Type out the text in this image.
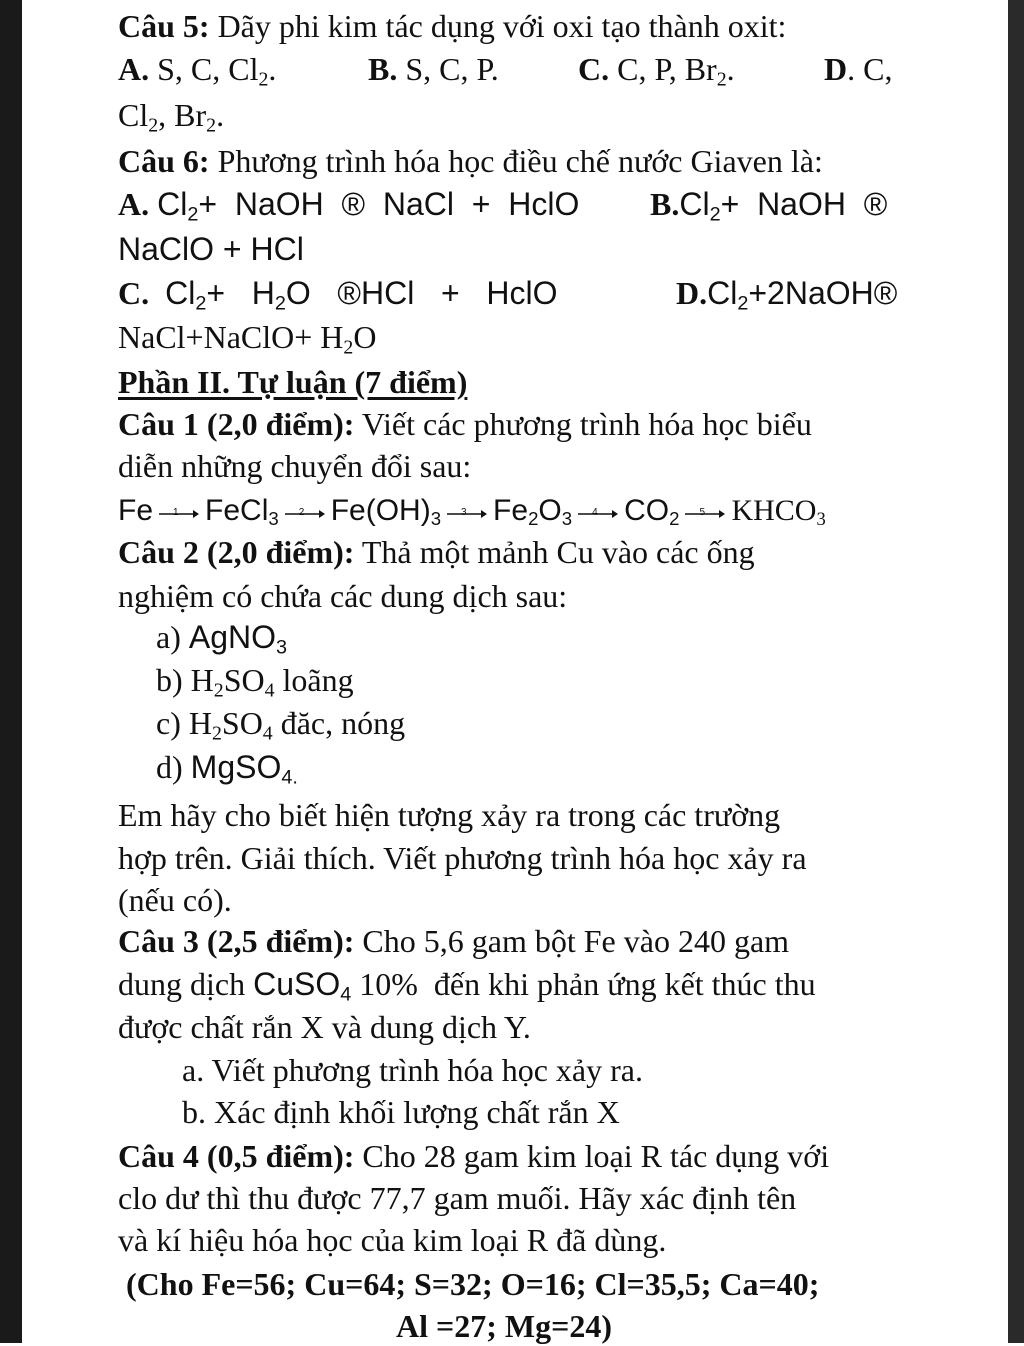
Câu 5: Dãy phi kim tác dụng với oxi tạo thành oxit:
A. S, C, $Cl_2$.	B. S, C, P. C. C, P, $Br_2$.	D. C,
$Cl_2$, $Br_2$.
Câu 6: Phương trình hóa học điều chế nước Giaven là:
A. $Cl_2+$  NaOH  ®  NaCl  +  HclO $B.Cl_2+$  NaOH  ®
NaClO + HCl
C. $Cl_2+ H_2O$   ®HCl   +   HclO	$D.Cl_2+2NaOH®$
NaCl+NaClO+ $H_2O$
Phần II. Tự luận (7 điểm)
Câu 1 (2,0 điểm): Viết các phương trình hóa học biểu
diễn những chuyển đổi sau:
Fe 1 FeCl$_3$ 2 $Fe(OH)_3$ 3 $Fe_2O_3$ 4 $CO_2$ 5 $KHCO_3$
Câu 2 (2,0 điểm): Thả một mảnh Cu vào các ống
nghiệm có chứa các dung dịch sau:
a) AgNO$_3$
b) $H_2SO_4$ loãng
c) $H_2SO_4$ đăc, nóng
d) MgSO$_{4.}$
Em hãy cho biết hiện tượng xảy ra trong các trường
hợp trên. Giải thích. Viết phương trình hóa học xảy ra
(nếu có).
Câu 3 (2,5 điểm): Cho 5,6 gam bột Fe vào 240 gam
dung dịch CuSO$_4$ 10%  đến khi phản ứng kết thúc thu
được chất rắn X và dung dịch Y.
a. Viết phương trình hóa học xảy ra.
b. Xác định khối lượng chất rắn X
Câu 4 (0,5 điểm): Cho 28 gam kim loại R tác dụng với
clo dư thì thu được 77,7 gam muối. Hãy xác định tên
và kí hiệu hóa học của kim loại R đã dùng.
(Cho Fe=56; Cu=64; S=32; O=16; Cl=35,5; Ca=40;
Al =27; Mg=24)
